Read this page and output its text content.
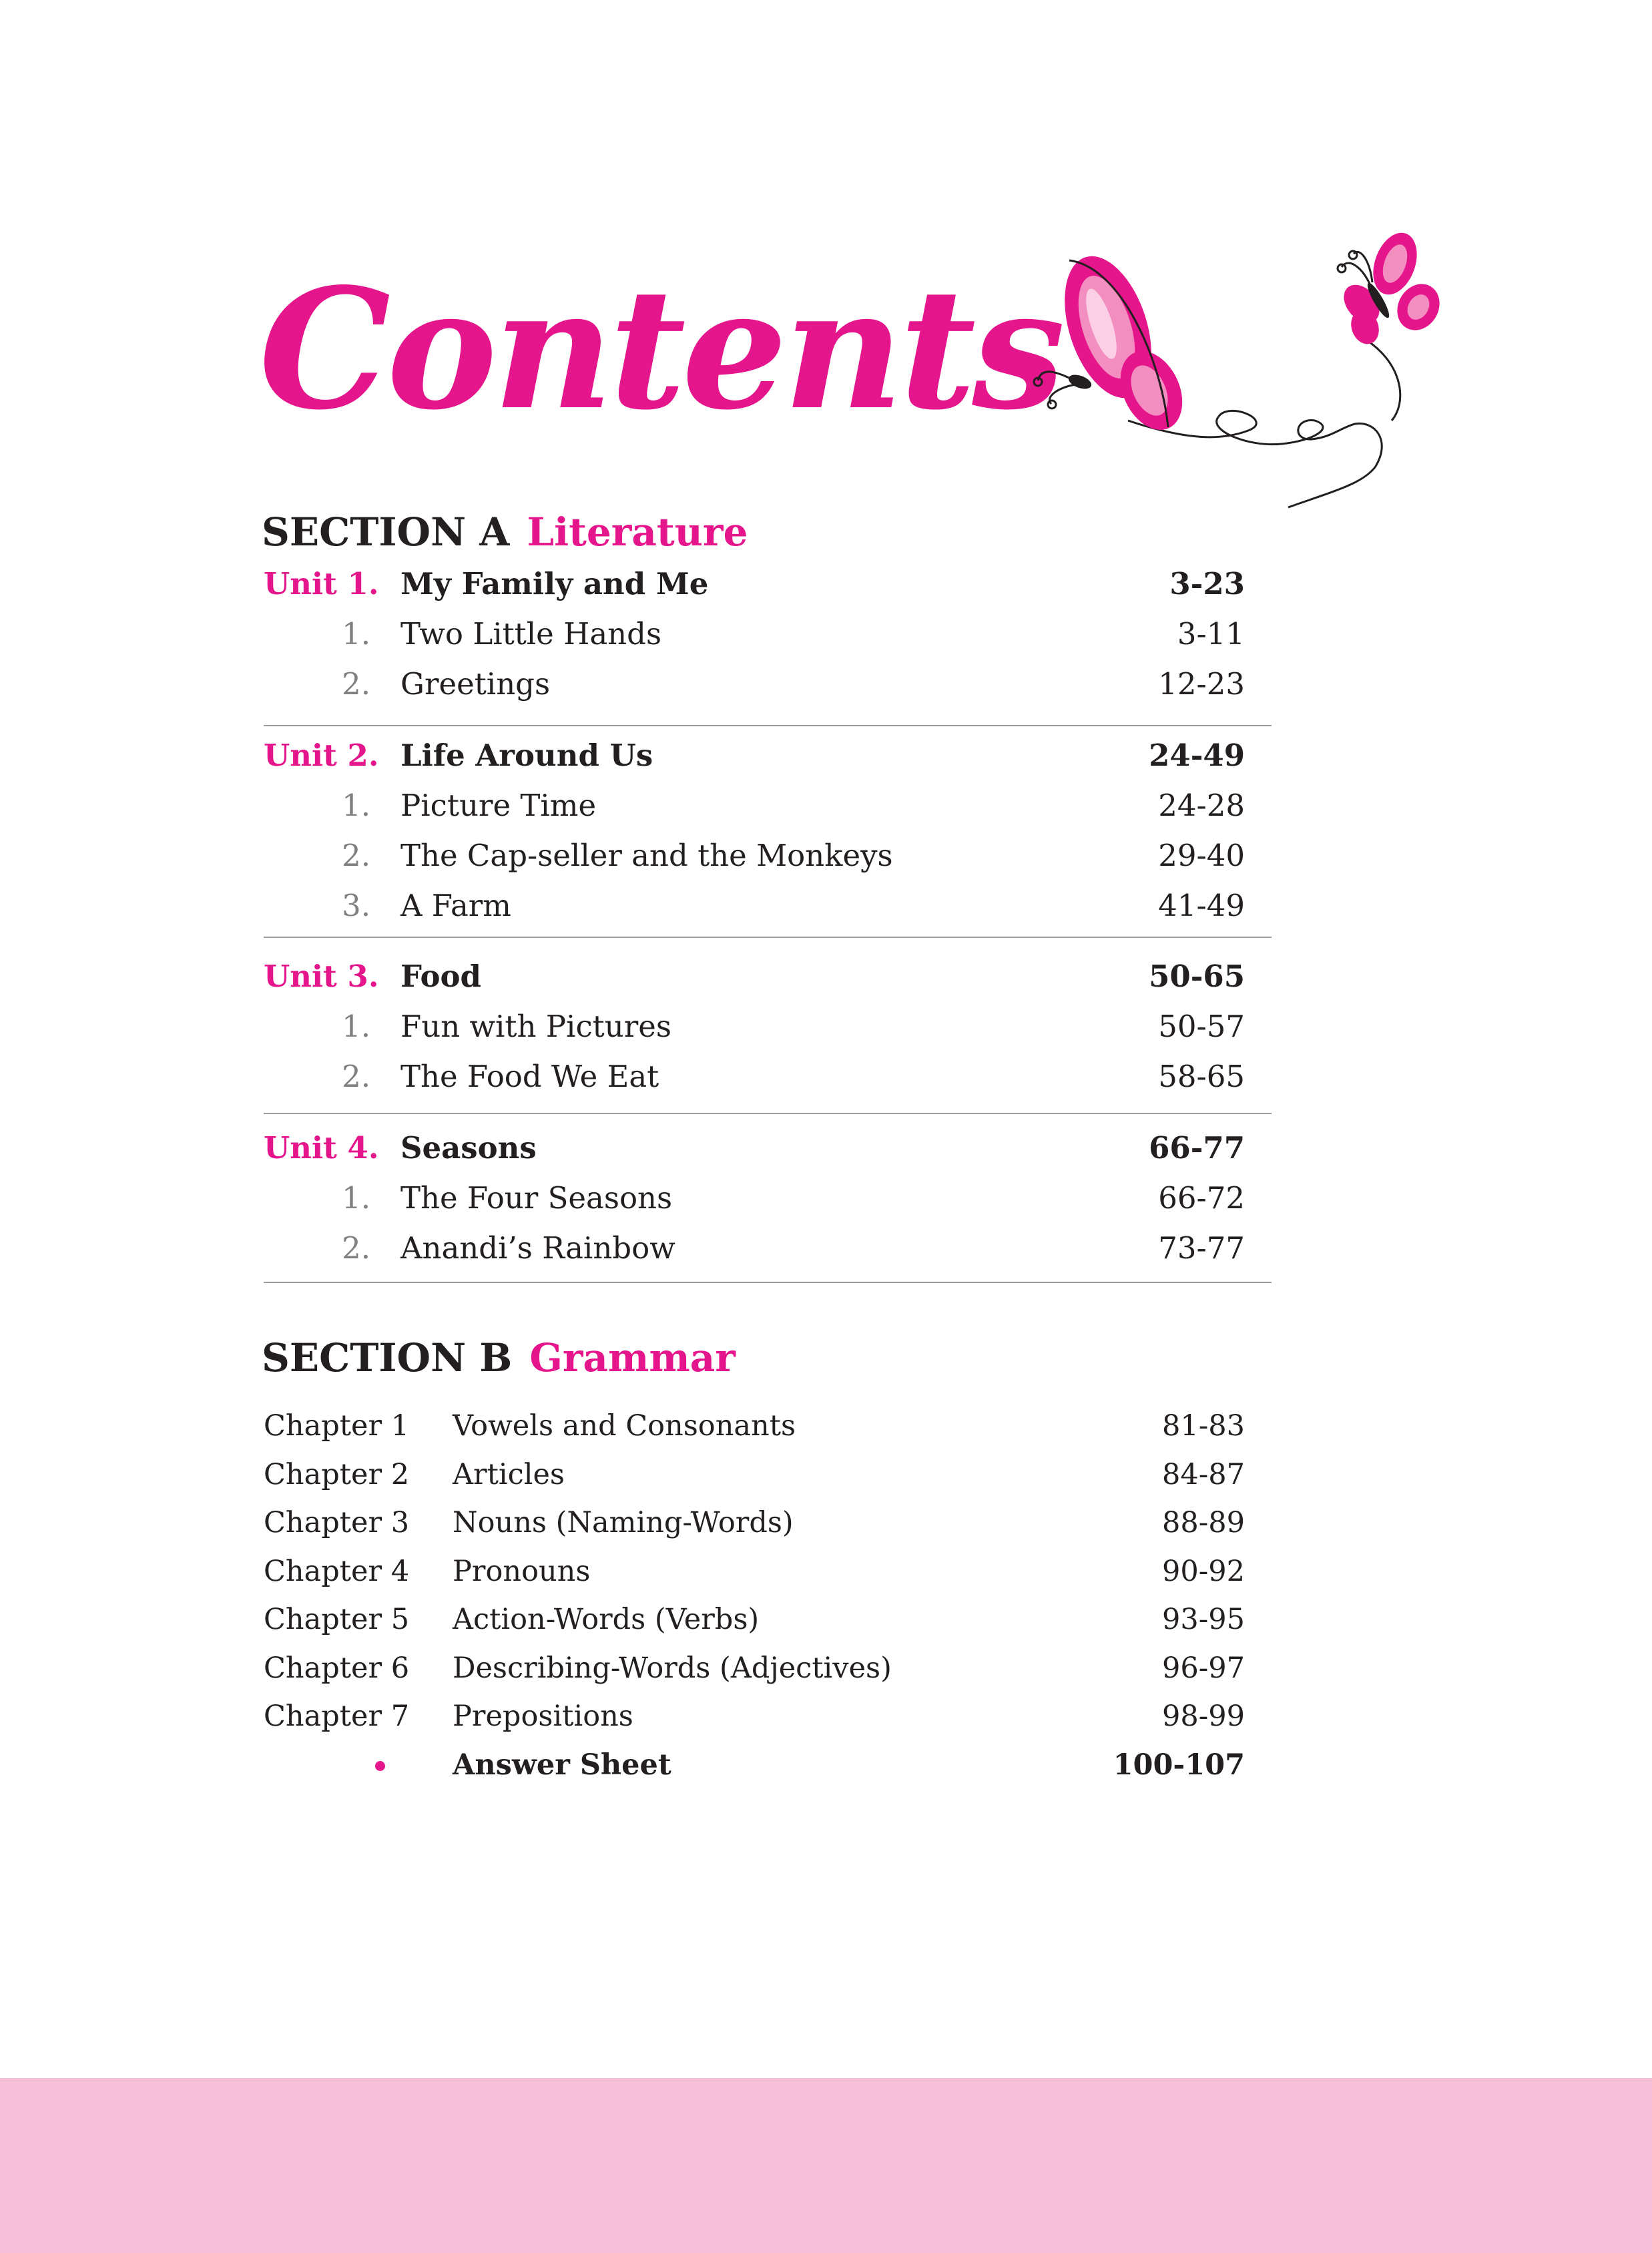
Contents
SECTION A Literature
Unit 1. My Family and Me	3-23
1. Two Little Hands	3-11
2. Greetings	12-23
Unit 2. Life Around Us	24-49
1. Picture Time	24-28
2. The Cap-seller and the Monkeys	29-40
3. A Farm	41-49
Unit 3. Food	50-65
1. Fun with Pictures	50-57
2. The Food We Eat	58-65
Unit 4. Seasons	66-77
1. The Four Seasons	66-72
2. Anandi’s Rainbow	73-77
SECTION B Grammar
Chapter 1 Vowels and Consonants	81-83
Chapter 2 Articles	84-87
Chapter 3 Nouns (Naming-Words)	88-89
Chapter 4 Pronouns	90-92
Chapter 5 Action-Words (Verbs)	93-95
Chapter 6 Describing-Words (Adjectives)	96-97
Chapter 7 Prepositions	98-99
Answer Sheet	100-107
